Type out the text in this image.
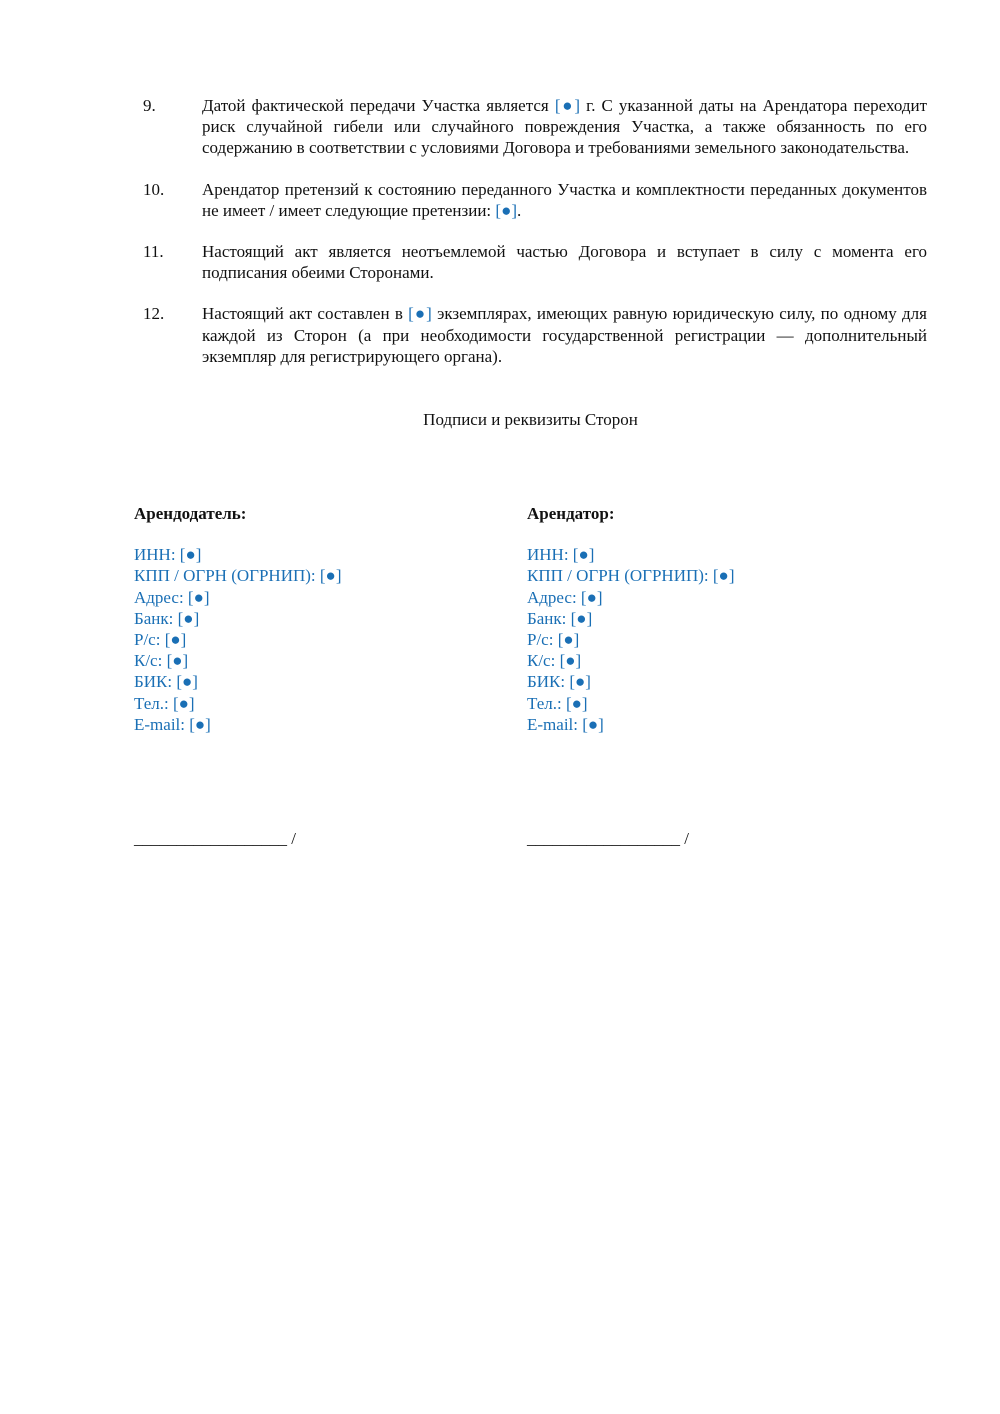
9.	Датой фактической передачи Участка является [●] г. С указанной даты на Арендатора переходит риск случайной гибели или случайного повреждения Участка, а также обязанность по его содержанию в соответствии с условиями Договора и требованиями земельного законодательства.
10.	Арендатор претензий к состоянию переданного Участка и комплектности переданных документов не имеет / имеет следующие претензии: [●].
11.	Настоящий акт является неотъемлемой частью Договора и вступает в силу с момента его подписания обеими Сторонами.
12.	Настоящий акт составлен в [●] экземплярах, имеющих равную юридическую силу, по одному для каждой из Сторон (а при необходимости государственной регистрации — дополнительный экземпляр для регистрирующего органа).
Подписи и реквизиты Сторон
Арендодатель:
ИНН: [●]
КПП / ОГРН (ОГРНИП): [●]
Адрес: [●]
Банк: [●]
Р/с: [●]
К/с: [●]
БИК: [●]
Тел.: [●]
E-mail: [●]
Арендатор:
ИНН: [●]
КПП / ОГРН (ОГРНИП): [●]
Адрес: [●]
Банк: [●]
Р/с: [●]
К/с: [●]
БИК: [●]
Тел.: [●]
E-mail: [●]
__________________ /	__________________ /
